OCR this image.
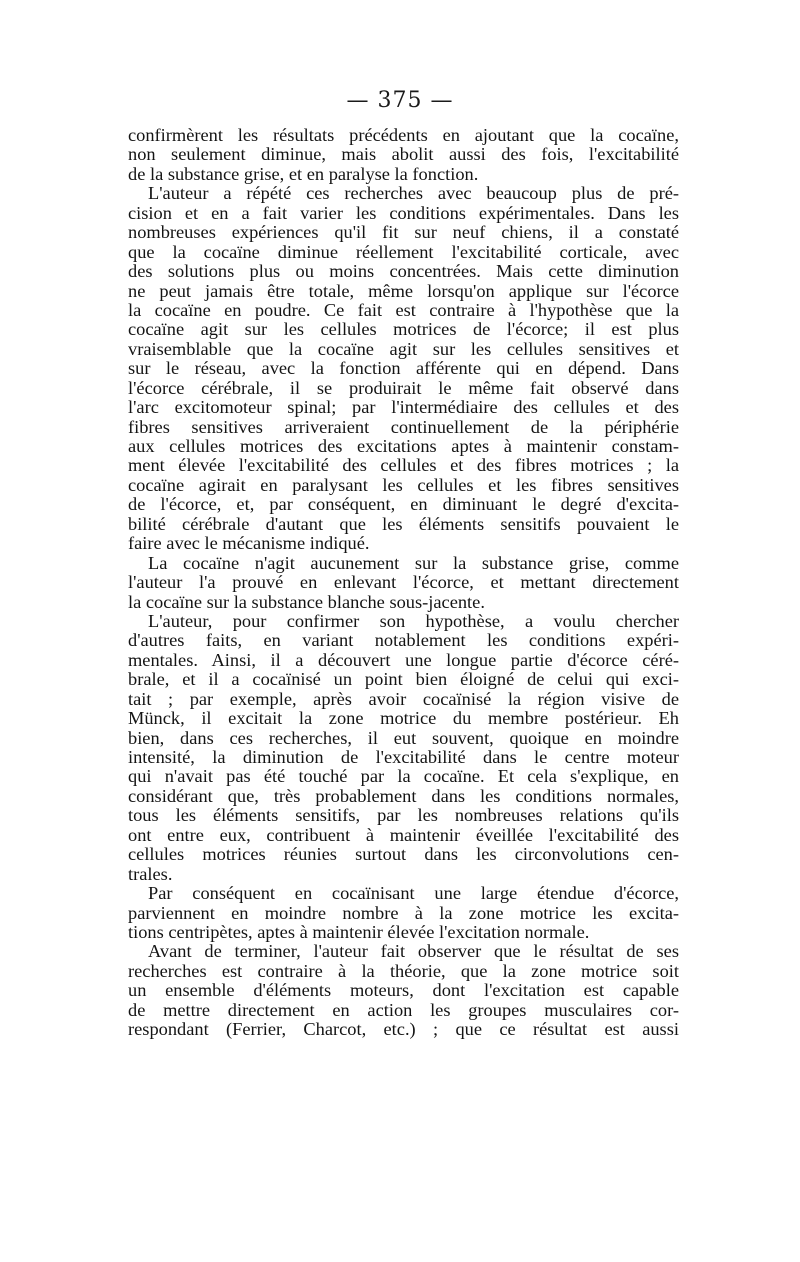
— 375 —
confirmèrent les résultats précédents en ajoutant que la cocaïne,
non seulement diminue, mais abolit aussi des fois, l'excitabilité
de la substance grise, et en paralyse la fonction.
L'auteur a répété ces recherches avec beaucoup plus de pré-
cision et en a fait varier les conditions expérimentales. Dans les
nombreuses expériences qu'il fit sur neuf chiens, il a constaté
que la cocaïne diminue réellement l'excitabilité corticale, avec
des solutions plus ou moins concentrées. Mais cette diminution
ne peut jamais être totale, même lorsqu'on applique sur l'écorce
la cocaïne en poudre. Ce fait est contraire à l'hypothèse que la
cocaïne agit sur les cellules motrices de l'écorce; il est plus
vraisemblable que la cocaïne agit sur les cellules sensitives et
sur le réseau, avec la fonction afférente qui en dépend. Dans
l'écorce cérébrale, il se produirait le même fait observé dans
l'arc excitomoteur spinal; par l'intermédiaire des cellules et des
fibres sensitives arriveraient continuellement de la périphérie
aux cellules motrices des excitations aptes à maintenir constam-
ment élevée l'excitabilité des cellules et des fibres motrices ; la
cocaïne agirait en paralysant les cellules et les fibres sensitives
de l'écorce, et, par conséquent, en diminuant le degré d'excita-
bilité cérébrale d'autant que les éléments sensitifs pouvaient le
faire avec le mécanisme indiqué.
La cocaïne n'agit aucunement sur la substance grise, comme
l'auteur l'a prouvé en enlevant l'écorce, et mettant directement
la cocaïne sur la substance blanche sous-jacente.
L'auteur, pour confirmer son hypothèse, a voulu chercher
d'autres faits, en variant notablement les conditions expéri-
mentales. Ainsi, il a découvert une longue partie d'écorce céré-
brale, et il a cocaïnisé un point bien éloigné de celui qui exci-
tait ; par exemple, après avoir cocaïnisé la région visive de
Münck, il excitait la zone motrice du membre postérieur. Eh
bien, dans ces recherches, il eut souvent, quoique en moindre
intensité, la diminution de l'excitabilité dans le centre moteur
qui n'avait pas été touché par la cocaïne. Et cela s'explique, en
considérant que, très probablement dans les conditions normales,
tous les éléments sensitifs, par les nombreuses relations qu'ils
ont entre eux, contribuent à maintenir éveillée l'excitabilité des
cellules motrices réunies surtout dans les circonvolutions cen-
trales.
Par conséquent en cocaïnisant une large étendue d'écorce,
parviennent en moindre nombre à la zone motrice les excita-
tions centripètes, aptes à maintenir élevée l'excitation normale.
Avant de terminer, l'auteur fait observer que le résultat de ses
recherches est contraire à la théorie, que la zone motrice soit
un ensemble d'éléments moteurs, dont l'excitation est capable
de mettre directement en action les groupes musculaires cor-
respondant (Ferrier, Charcot, etc.) ; que ce résultat est aussi
